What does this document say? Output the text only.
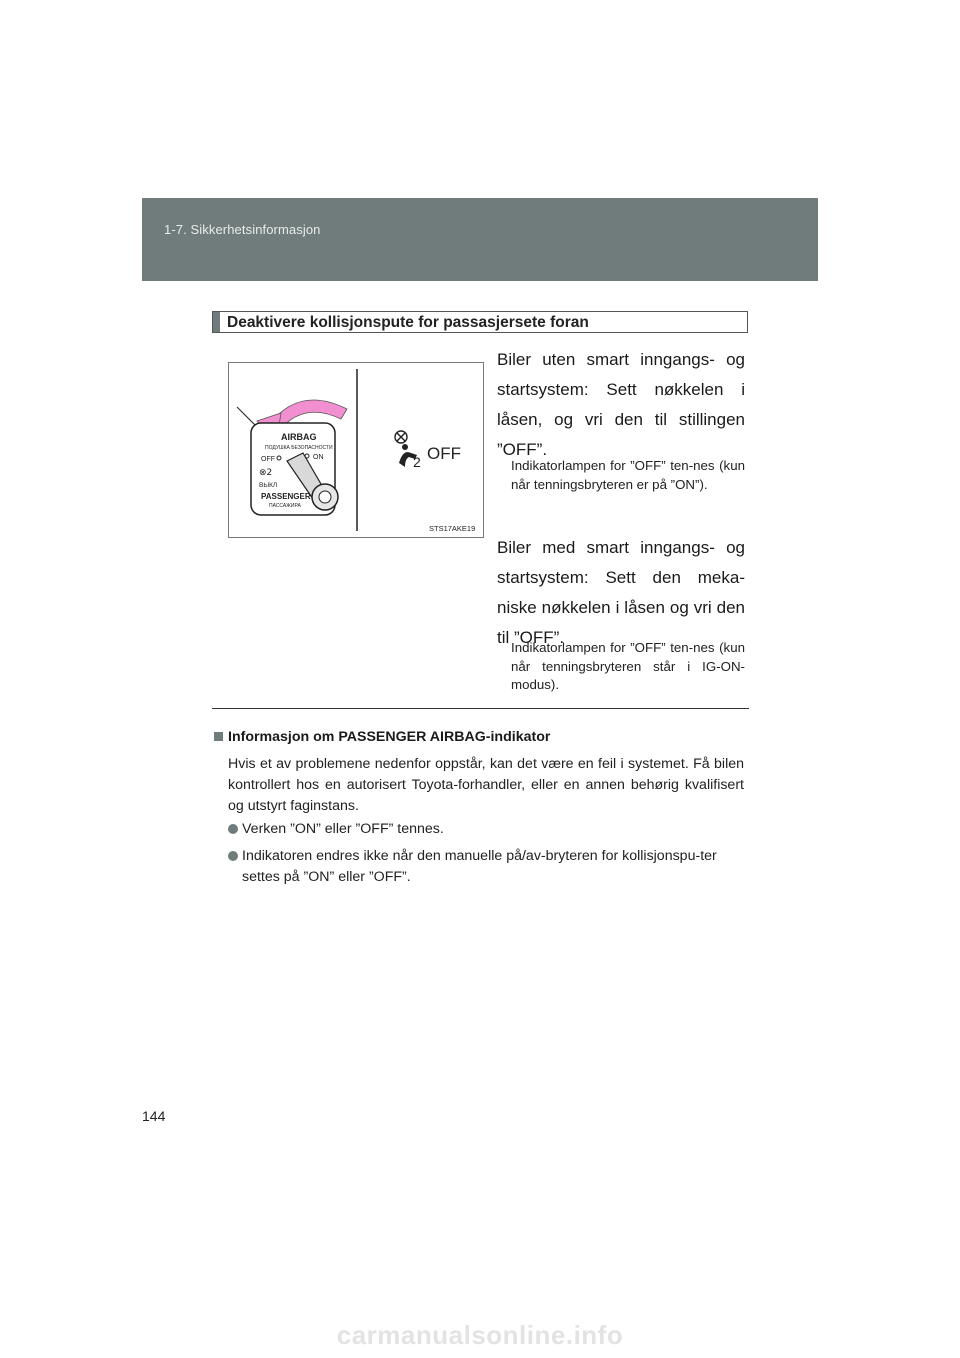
1-7. Sikkerhetsinformasjon
Deaktivere kollisjonspute for passasjersete foran
AIRBAG
ПОДУШКА БЕЗОПАСНОСТИ
OFF	ON
⊗2
ВЫКЛ
PASSENGER
ПАССАЖИРА
2 OFF
STS17AKE19
Biler uten smart inngangs- og startsystem: Sett nøkkelen i låsen, og vri den til stillingen ”OFF”.
Indikatorlampen for ”OFF” ten-nes (kun når tenningsbryteren er på ”ON”).
Biler med smart inngangs- og startsystem: Sett den meka-niske nøkkelen i låsen og vri den til ”OFF”.
Indikatorlampen for ”OFF” ten-nes (kun når tenningsbryteren står i IG-ON-modus).
Informasjon om PASSENGER AIRBAG-indikator
Hvis et av problemene nedenfor oppstår, kan det være en feil i systemet. Få bilen kontrollert hos en autorisert Toyota-forhandler, eller en annen behørig kvalifisert og utstyrt faginstans.
Verken ”ON” eller ”OFF” tennes.
Indikatoren endres ikke når den manuelle på/av-bryteren for kollisjonspu-ter settes på ”ON” eller ”OFF”.
144
carmanualsonline.info
